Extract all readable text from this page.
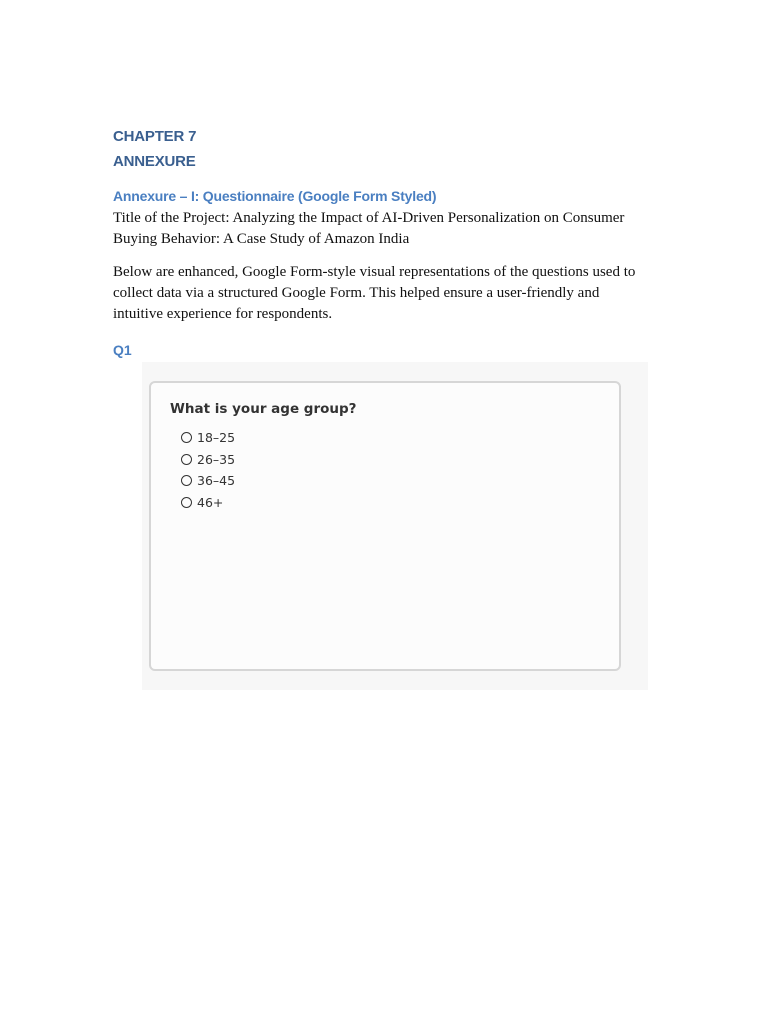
CHAPTER 7

ANNEXURE

Annexure – I: Questionnaire (Google Form Styled)

Title of the Project: Analyzing the Impact of AI-Driven Personalization on Consumer Buying Behavior: A Case Study of Amazon India

Below are enhanced, Google Form-style visual representations of the questions used to collect data via a structured Google Form. This helped ensure a user-friendly and intuitive experience for respondents.

Q1

What is your age group?

18–25
26–35
36–45
46+
